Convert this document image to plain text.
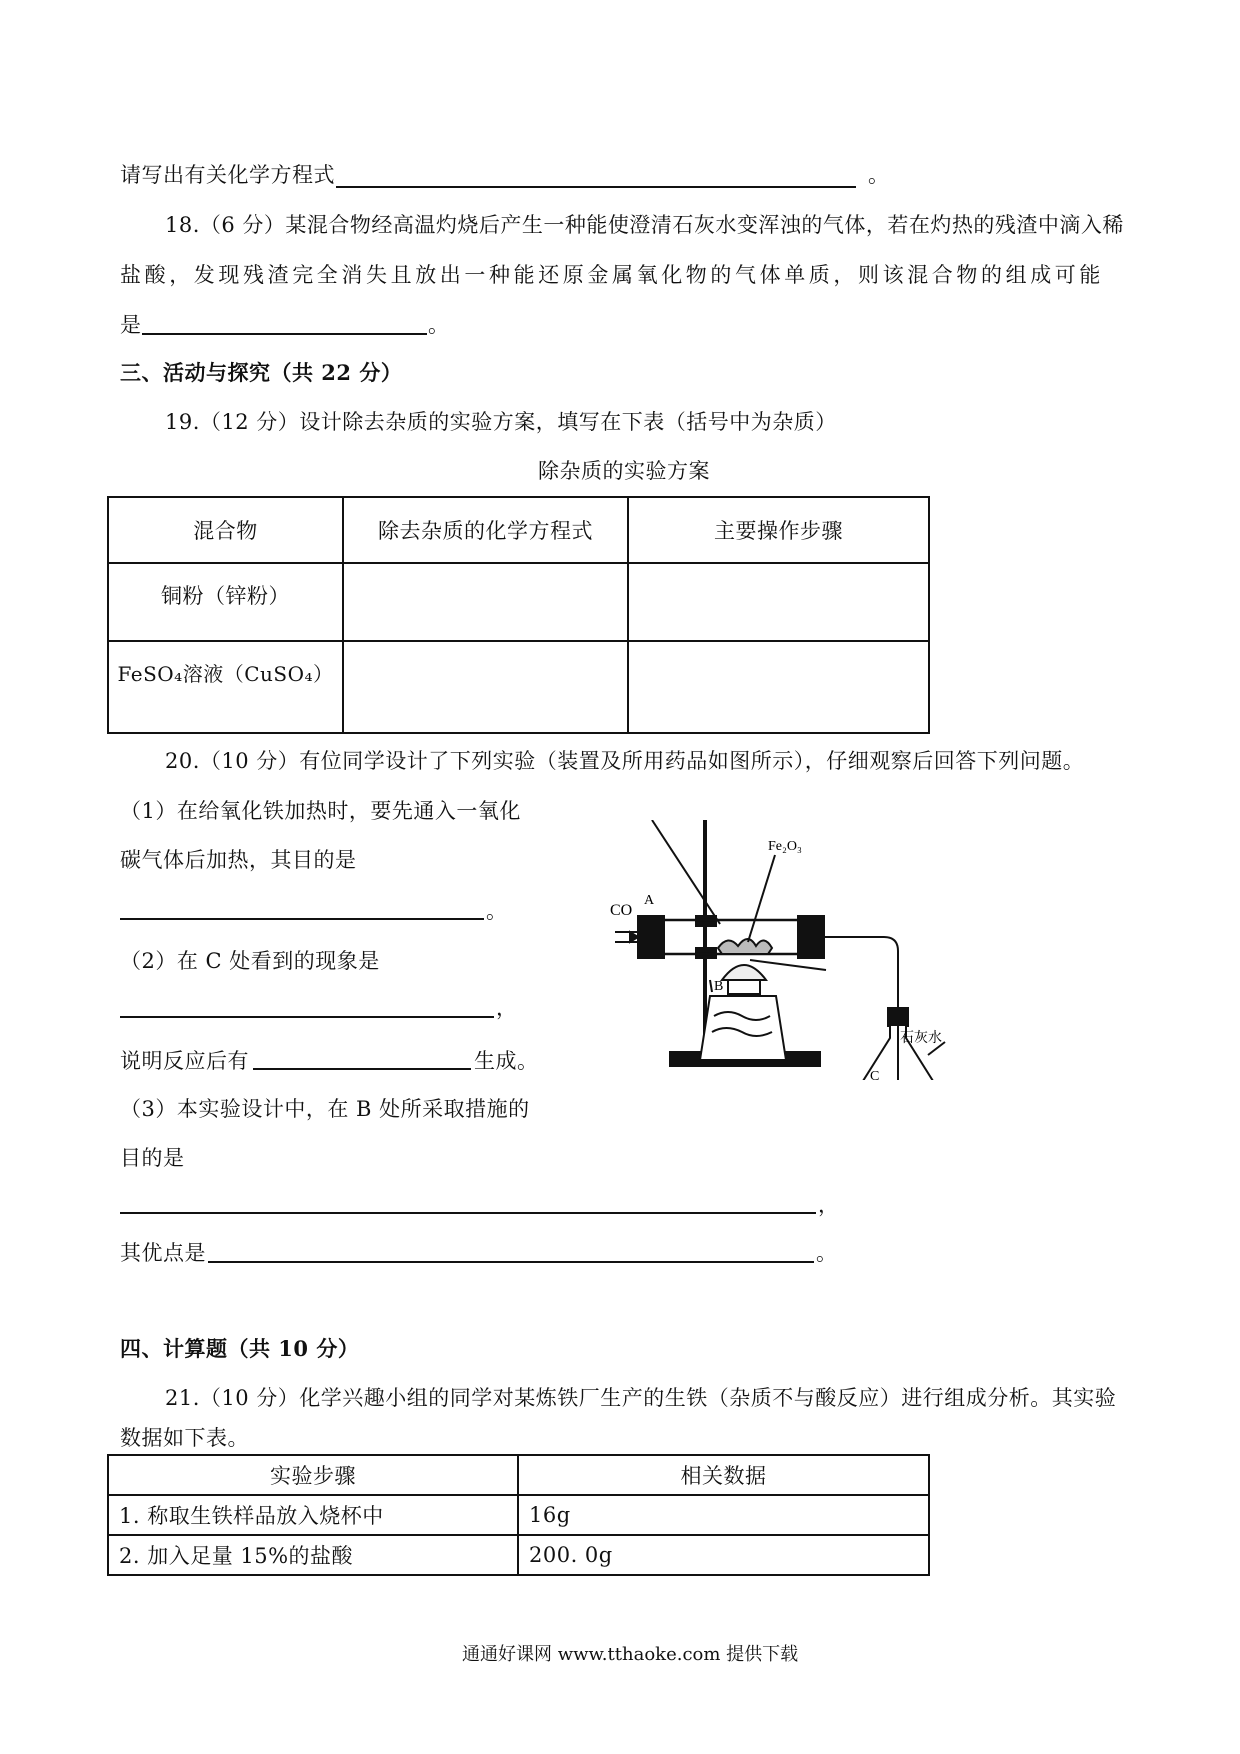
请写出有关化学方程式	。
18.（6 分）某混合物经高温灼烧后产生一种能使澄清石灰水变浑浊的气体，若在灼热的残渣中滴入稀
盐酸，发现残渣完全消失且放出一种能还原金属氧化物的气体单质，则该混合物的组成可能
是	。
三、活动与探究（共 22 分）
19.（12 分）设计除去杂质的实验方案，填写在下表（括号中为杂质）
除杂质的实验方案
混合物	除去杂质的化学方程式	主要操作步骤
铜粉（锌粉）		
FeSO₄溶液（CuSO₄）		
20.（10 分）有位同学设计了下列实验（装置及所用药品如图所示），仔细观察后回答下列问题。
（1）在给氧化铁加热时，要先通入一氧化
碳气体后加热，其目的是
。
（2）在 C 处看到的现象是
，
说明反应后有	生成。
（3）本实验设计中，在 B 处所采取措施的
目的是
，
其优点是	。
CO
Fe₂O₃
A
B
C
石灰水
四、计算题（共 10 分）
21.（10 分）化学兴趣小组的同学对某炼铁厂生产的生铁（杂质不与酸反应）进行组成分析。其实验
数据如下表。
实验步骤	相关数据
1. 称取生铁样品放入烧杯中	16g
2. 加入足量 15%的盐酸	200. 0g
通通好课网 www.tthaoke.com 提供下载
